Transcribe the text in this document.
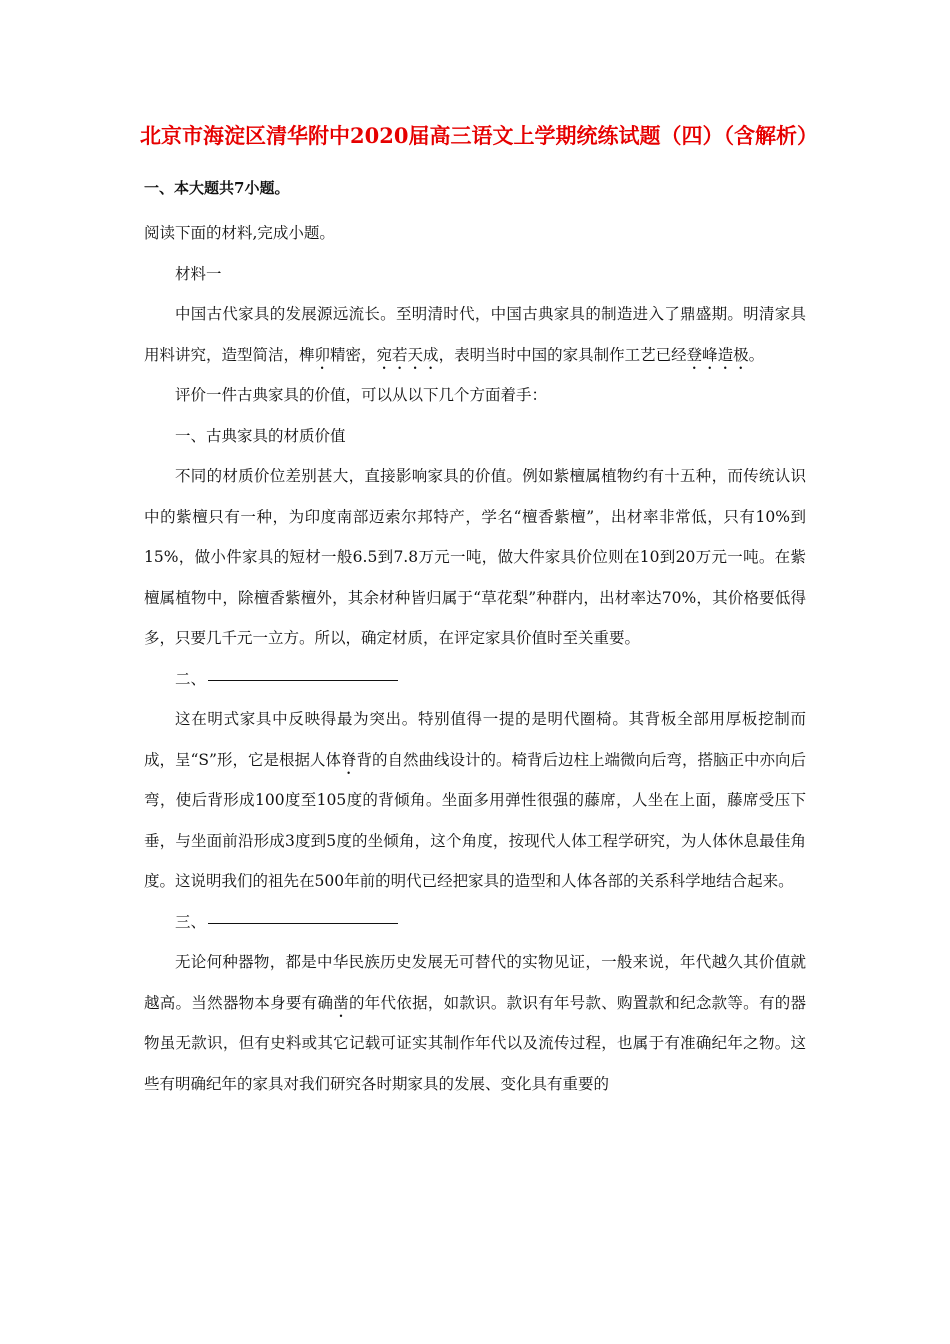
北京市海淀区清华附中2020届高三语文上学期统练试题（四）（含解析）
一、本大题共7小题。

阅读下面的材料,完成小题。

材料一

中国古代家具的发展源远流长。至明清时代，中国古典家具的制造进入了鼎盛期。明清家具用料讲究，造型简洁，榫卯精密，宛若天成，表明当时中国的家具制作工艺已经登峰造极。

评价一件古典家具的价值，可以从以下几个方面着手：

一、古典家具的材质价值

不同的材质价位差别甚大，直接影响家具的价值。例如紫檀属植物约有十五种，而传统认识中的紫檀只有一种，为印度南部迈索尔邦特产，学名“檀香紫檀”，出材率非常低，只有10%到15%，做小件家具的短材一般6.5到7.8万元一吨，做大件家具价位则在10到20万元一吨。在紫檀属植物中，除檀香紫檀外，其余材种皆归属于“草花梨”种群内，出材率达70%，其价格要低得多，只要几千元一立方。所以，确定材质，在评定家具价值时至关重要。

二、

这在明式家具中反映得最为突出。特别值得一提的是明代圈椅。其背板全部用厚板挖制而成，呈“S”形，它是根据人体脊背的自然曲线设计的。椅背后边柱上端微向后弯，搭脑正中亦向后弯，使后背形成100度至105度的背倾角。坐面多用弹性很强的藤席，人坐在上面，藤席受压下垂，与坐面前沿形成3度到5度的坐倾角，这个角度，按现代人体工程学研究，为人体休息最佳角度。这说明我们的祖先在500年前的明代已经把家具的造型和人体各部的关系科学地结合起来。

三、

无论何种器物，都是中华民族历史发展无可替代的实物见证，一般来说，年代越久其价值就越高。当然器物本身要有确凿的年代依据，如款识。款识有年号款、购置款和纪念款等。有的器物虽无款识，但有史料或其它记载可证实其制作年代以及流传过程，也属于有准确纪年之物。这些有明确纪年的家具对我们研究各时期家具的发展、变化具有重要的
